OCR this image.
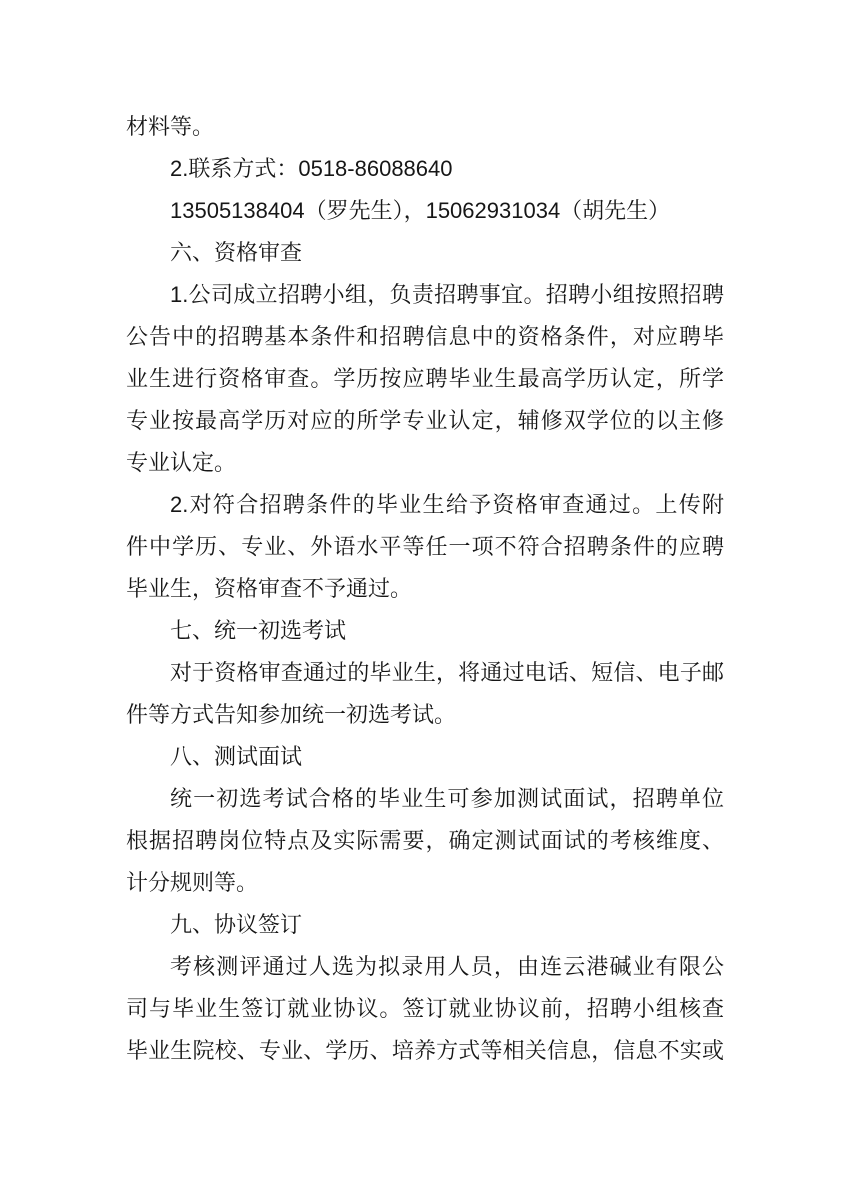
材料等。
2.联系方式：0518-86088640
13505138404（罗先生），15062931034（胡先生）
六、资格审查
1.公司成立招聘小组，负责招聘事宜。招聘小组按照招聘
公告中的招聘基本条件和招聘信息中的资格条件，对应聘毕
业生进行资格审查。学历按应聘毕业生最高学历认定，所学
专业按最高学历对应的所学专业认定，辅修双学位的以主修
专业认定。
2.对符合招聘条件的毕业生给予资格审查通过。上传附
件中学历、专业、外语水平等任一项不符合招聘条件的应聘
毕业生，资格审查不予通过。
七、统一初选考试
对于资格审查通过的毕业生，将通过电话、短信、电子邮
件等方式告知参加统一初选考试。
八、测试面试
统一初选考试合格的毕业生可参加测试面试，招聘单位
根据招聘岗位特点及实际需要，确定测试面试的考核维度、
计分规则等。
九、协议签订
考核测评通过人选为拟录用人员，由连云港碱业有限公
司与毕业生签订就业协议。签订就业协议前，招聘小组核查
毕业生院校、专业、学历、培养方式等相关信息，信息不实或
